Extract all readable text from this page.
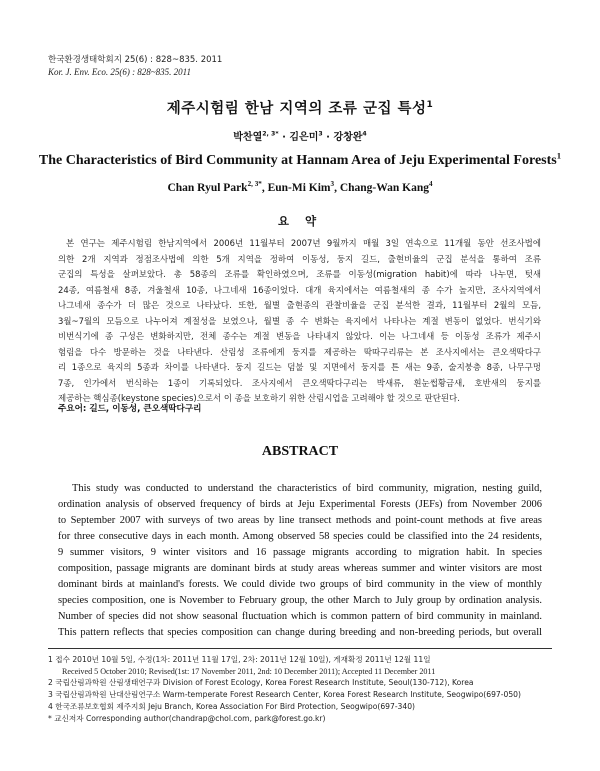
한국환경생태학회지 25(6) : 828~835. 2011
Kor. J. Env. Eco. 25(6) : 828~835. 2011
제주시험림 한남 지역의 조류 군집 특성$^1$
박찬열$^{2, 3*}$ · 김은미$^3$ · 강창완$^4$
The Characteristics of Bird Community at Hannam Area of Jeju Experimental Forests$^1$
Chan Ryul Park$^{2, 3*}$, Eun-Mi Kim$^3$, Chang-Wan Kang$^4$
요 약
본 연구는 제주시험림 한남지역에서 2006년 11월부터 2007년 9월까지 매월 3일 연속으로 11개월 동안 선조사법에
의한 2개 지역과 정점조사법에 의한 5개 지역을 정하여 이동성, 둥지 길드, 출현비율의 군집 분석을 통하여 조류
군집의 특성을 살펴보았다. 총 58종의 조류를 확인하였으며, 조류를 이동성(migration habit)에 따라 나누면, 텃새
24종, 여름철새 8종, 겨울철새 10종, 나그네새 16종이었다. 대개 육지에서는 여름철새의 종 수가 높지만, 조사지역에서
나그네새 종수가 더 많은 것으로 나타났다. 또한, 월별 출현종의 관찰비율을 군집 분석한 결과, 11월부터 2월의 모듬,
3월~7월의 모듬으로 나누어져 계절성을 보였으나, 월별 종 수 변화는 육지에서 나타나는 계절 변동이 없었다. 번식기와
비번식기에 종 구성은 변화하지만, 전체 종수는 계절 변동을 나타내지 않았다. 이는 나그네새 등 이동성 조류가 제주시
험림을 다수 방문하는 것을 나타낸다. 산림성 조류에게 둥지를 제공하는 딱따구리류는 본 조사지에서는 큰오색딱다구
리 1종으로 육지의 5종과 차이를 나타낸다. 둥지 길드는 덤불 및 지면에서 둥지를 튼 새는 9종, 술지붕층 8종, 나무구멍
7종, 인가에서 번식하는 1종이 기록되었다. 조사지에서 큰오색딱다구리는 박새류, 흰눈썹황금새, 호반새의 둥지를
제공하는 핵심종(keystone species)으로서 이 종을 보호하기 위한 산림시업을 고려해야 할 것으로 판단된다.
주요어: 길드, 이동성, 큰오색딱다구리
ABSTRACT
This study was conducted to understand the characteristics of bird community, migration, nesting guild,
ordination analysis of observed frequency of birds at Jeju Experimental Forests (JEFs) from November 2006
to September 2007 with surveys of two areas by line transect methods and point-count methods at five areas
for three consecutive days in each month. Among observed 58 species could be classified into the 24 residents,
9 summer visitors, 9 winter visitors and 16 passage migrants according to migration habit. In species
composition, passage migrants are dominant birds at study areas whereas summer and winter visitors are most
dominant birds at mainland's forests. We could divide two groups of bird community in the view of monthly
species composition, one is November to February group, the other March to July group by ordination analysis.
Number of species did not show seasonal fluctuation which is common pattern of bird community in mainland.
This pattern reflects that species composition can change during breeding and non-breeding periods, but overall
1 접수 2010년 10월 5일, 수정(1차: 2011년 11월 17일, 2차: 2011년 12월 10일), 게재확정 2011년 12월 11일
Received 5 October 2010; Revised(1st: 17 November 2011, 2nd: 10 December 2011); Accepted 11 December 2011
2 국립산림과학원 산림생태연구과 Division of Forest Ecology, Korea Forest Research Institute, Seoul(130-712), Korea
3 국립산림과학원 난대산림연구소 Warm-temperate Forest Research Center, Korea Forest Research Institute, Seogwipo(697-050)
4 한국조류보호협회 제주지회 Jeju Branch, Korea Association For Bird Protection, Seogwipo(697-340)
* 교신저자 Corresponding author(chandrap@chol.com, park@forest.go.kr)
